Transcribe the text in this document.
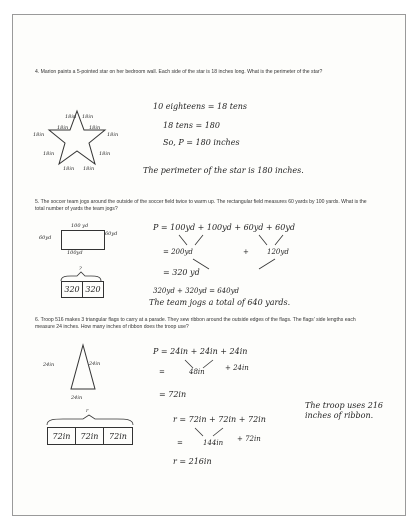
4. Marion paints a 5-pointed star on her bedroom wall. Each side of the star is 18 inches long. What is the perimeter of the star?
18in 18in
18in	18in
18in	18in
18in	18in
18in 18in
10 eighteens = 18 tens
18 tens = 180
So, P = 180 inches
The perimeter of the star is 180 inches.
5. The soccer team jogs around the outside of the soccer field twice to warm up. The rectangular field measures 60 yards by 100 yards. What is the total number of yards the team jogs?
100 yd
60yd
60yd
100yd
P = 100yd + 100yd + 60yd + 60yd
= 200yd	+	120yd
= 320 yd
?
320 320	320yd + 320yd = 640yd
The team jogs a total of 640 yards.
6. Troop 516 makes 3 triangular flags to carry at a parade. They sew ribbon around the outside edges of the flags. The flags' side lengths each measure 24 inches. How many inches of ribbon does the troop use?
24in	24in
24in
P = 24in + 24in + 24in
=	48in	+ 24in
= 72in
r
72in	72in	72in
r = 72in + 72in + 72in
=	144in + 72in
r = 216in
The troop uses 216 inches of ribbon.
